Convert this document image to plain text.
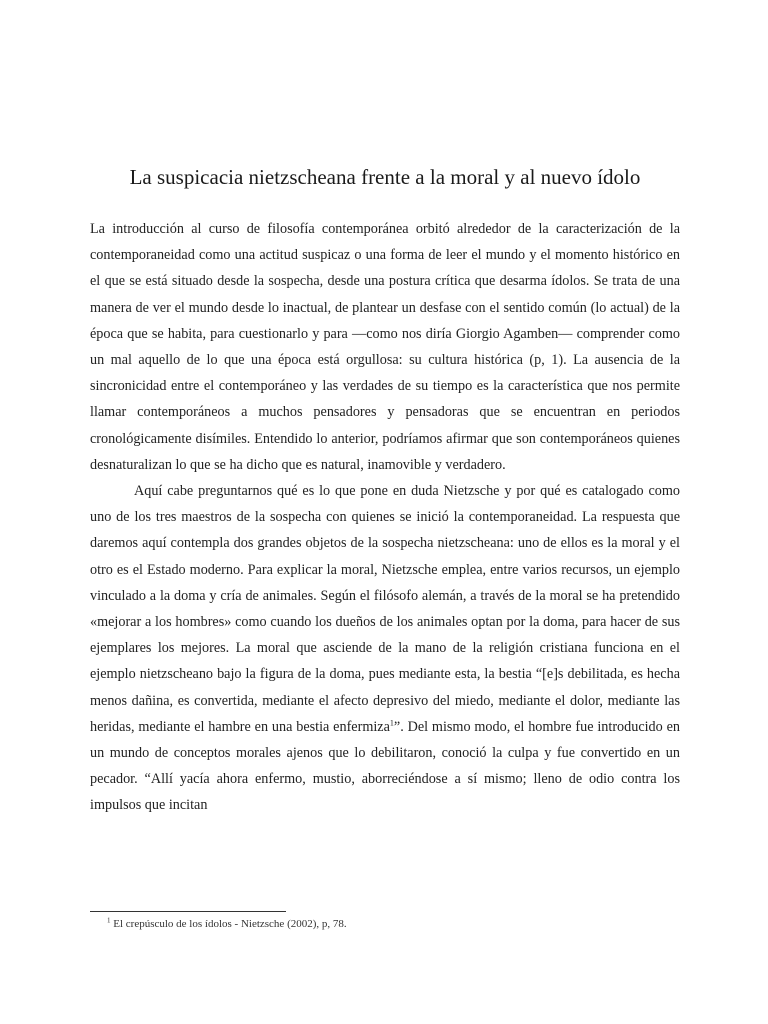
La suspicacia nietzscheana frente a la moral y al nuevo ídolo

La introducción al curso de filosofía contemporánea orbitó alrededor de la caracterización de la contemporaneidad como una actitud suspicaz o una forma de leer el mundo y el momento histórico en el que se está situado desde la sospecha, desde una postura crítica que desarma ídolos. Se trata de una manera de ver el mundo desde lo inactual, de plantear un desfase con el sentido común (lo actual) de la época que se habita, para cuestionarlo y para —como nos diría Giorgio Agamben— comprender como un mal aquello de lo que una época está orgullosa: su cultura histórica (p, 1). La ausencia de la sincronicidad entre el contemporáneo y las verdades de su tiempo es la característica que nos permite llamar contemporáneos a muchos pensadores y pensadoras que se encuentran en periodos cronológicamente disímiles. Entendido lo anterior, podríamos afirmar que son contemporáneos quienes desnaturalizan lo que se ha dicho que es natural, inamovible y verdadero.

Aquí cabe preguntarnos qué es lo que pone en duda Nietzsche y por qué es catalogado como uno de los tres maestros de la sospecha con quienes se inició la contemporaneidad. La respuesta que daremos aquí contempla dos grandes objetos de la sospecha nietzscheana: uno de ellos es la moral y el otro es el Estado moderno. Para explicar la moral, Nietzsche emplea, entre varios recursos, un ejemplo vinculado a la doma y cría de animales. Según el filósofo alemán, a través de la moral se ha pretendido «mejorar a los hombres» como cuando los dueños de los animales optan por la doma, para hacer de sus ejemplares los mejores. La moral que asciende de la mano de la religión cristiana funciona en el ejemplo nietzscheano bajo la figura de la doma, pues mediante esta, la bestia “[e]s debilitada, es hecha menos dañina, es convertida, mediante el afecto depresivo del miedo, mediante el dolor, mediante las heridas, mediante el hambre en una bestia enfermiza$^1$”. Del mismo modo, el hombre fue introducido en un mundo de conceptos morales ajenos que lo debilitaron, conoció la culpa y fue convertido en un pecador. “Allí yacía ahora enfermo, mustio, aborreciéndose a sí mismo; lleno de odio contra los impulsos que incitan

$^1$ El crepúsculo de los ídolos - Nietzsche (2002), p, 78.
